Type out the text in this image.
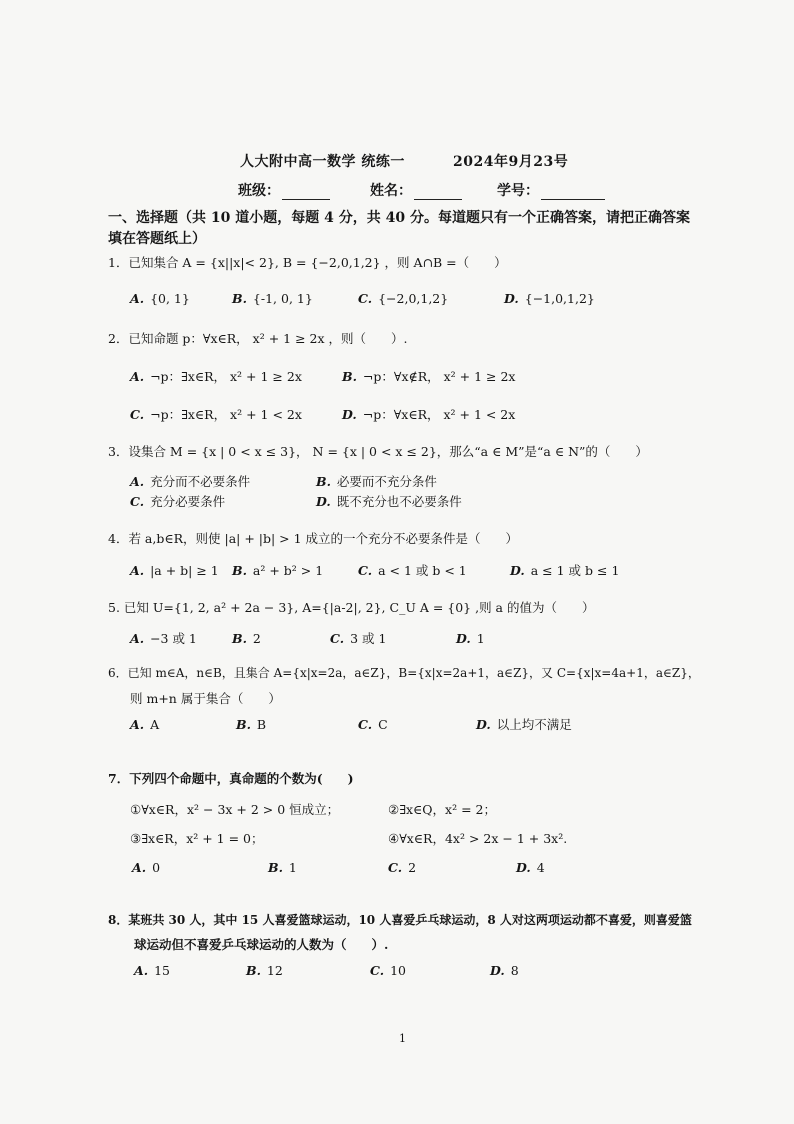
人大附中高一数学 统练一	2024年9月23号
班级：	姓名：	学号：
一、选择题（共 10 道小题，每题 4 分，共 40 分。每道题只有一个正确答案，请把正确答案
填在答题纸上）
1．已知集合 A = {x||x|< 2}, B = {−2,0,1,2} ，则 A∩B =（　　）
A. {0, 1}	B. {-1, 0, 1}	C. {−2,0,1,2}	D. {−1,0,1,2}
2．已知命题 p：∀x∈R， x² + 1 ≥ 2x ，则（　　）.
A. ¬p：∃x∈R， x² + 1 ≥ 2x	B. ¬p：∀x∉R， x² + 1 ≥ 2x
C. ¬p：∃x∈R， x² + 1 < 2x	D. ¬p：∀x∈R， x² + 1 < 2x
3．设集合 M = {x | 0 < x ≤ 3}， N = {x | 0 < x ≤ 2}，那么“a ∈ M”是“a ∈ N”的（　　）
A. 充分而不必要条件	B. 必要而不充分条件
C. 充分必要条件	D. 既不充分也不必要条件
4．若 a,b∈R，则使 |a| + |b| > 1 成立的一个充分不必要条件是（　　）
A. |a + b| ≥ 1 B. a² + b² > 1	C. a < 1 或 b < 1	D. a ≤ 1 或 b ≤ 1
5. 已知 U={1, 2, a² + 2a − 3}, A={|a-2|, 2}, C_U A = {0} ,则 a 的值为（　　）
A. −3 或 1	B. 2	C. 3 或 1	D. 1
6．已知 m∈A，n∈B，且集合 A={x|x=2a，a∈Z}，B={x|x=2a+1，a∈Z}，又 C={x|x=4a+1，a∈Z}，
则 m+n 属于集合（　　）
A. A	B. B	C. C	D. 以上均不满足
7．下列四个命题中，真命题的个数为(　　)
①∀x∈R，x² − 3x + 2 > 0 恒成立；	②∃x∈Q，x² = 2；
③∃x∈R，x² + 1 = 0；	④∀x∈R，4x² > 2x − 1 + 3x².
A. 0	B. 1	C. 2	D. 4
8．某班共 30 人，其中 15 人喜爱篮球运动，10 人喜爱乒乓球运动，8 人对这两项运动都不喜爱，则喜爱篮
球运动但不喜爱乒乓球运动的人数为（　　）.
A. 15	B. 12	C. 10	D. 8
1
